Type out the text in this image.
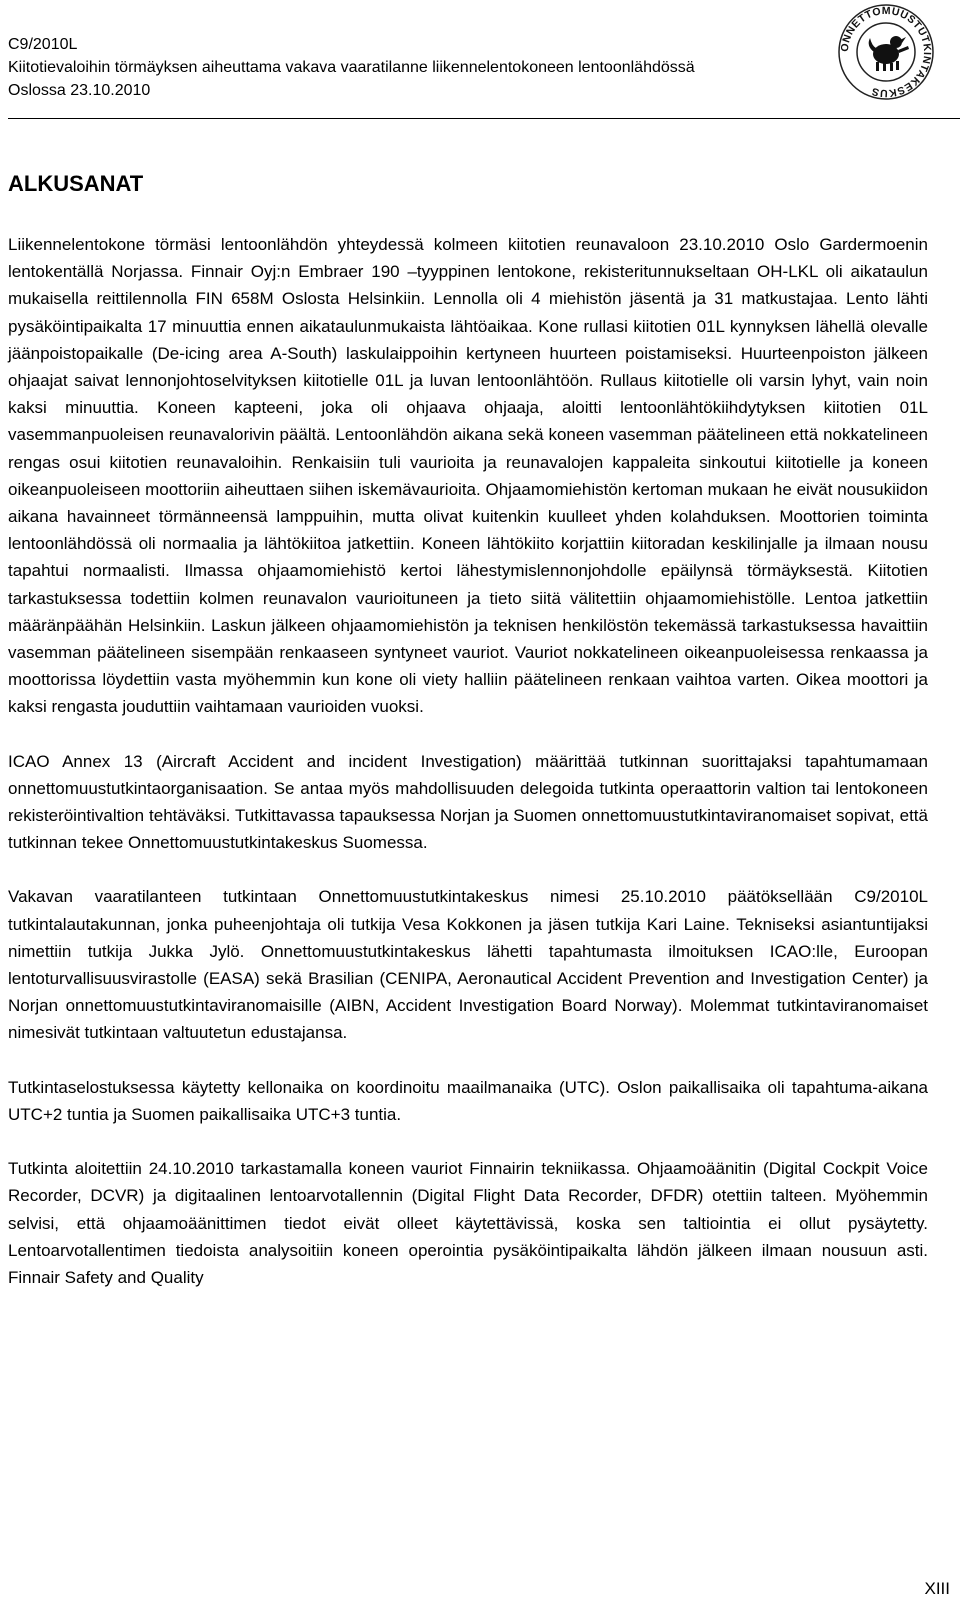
C9/2010L
Kiitotievaloihin törmäyksen aiheuttama vakava vaaratilanne liikennelentokoneen lentoonlähdössä
Oslossa 23.10.2010
ONNETTOMUUSTUTKINTAKESKUS
ALKUSANAT

Liikennelentokone törmäsi lentoonlähdön yhteydessä kolmeen kiitotien reunavaloon 23.10.2010 Oslo Gardermoenin lentokentällä Norjassa. Finnair Oyj:n Embraer 190 –tyyppinen lentokone, rekisteritunnukseltaan OH-LKL oli aikataulun mukaisella reittilennolla FIN 658M Oslosta Helsinkiin. Lennolla oli 4 miehistön jäsentä ja 31 matkustajaa. Lento lähti pysäköintipaikalta 17 minuuttia ennen aikataulunmukaista lähtöaikaa. Kone rullasi kiitotien 01L kynnyksen lähellä olevalle jäänpoistopaikalle (De-icing area A-South) laskulaippoihin kertyneen huurteen poistamiseksi. Huurteenpoiston jälkeen ohjaajat saivat lennonjohtoselvityksen kiitotielle 01L ja luvan lentoonlähtöön. Rullaus kiitotielle oli varsin lyhyt, vain noin kaksi minuuttia. Koneen kapteeni, joka oli ohjaava ohjaaja, aloitti lentoonlähtökiihdytyksen kiitotien 01L vasemmanpuoleisen reunavalorivin päältä. Lentoonlähdön aikana sekä koneen vasemman päätelineen että nokkatelineen rengas osui kiitotien reunavaloihin. Renkaisiin tuli vaurioita ja reunavalojen kappaleita sinkoutui kiitotielle ja koneen oikeanpuoleiseen moottoriin aiheuttaen siihen iskemävaurioita. Ohjaamomiehistön kertoman mukaan he eivät nousukiidon aikana havainneet törmänneensä lamppuihin, mutta olivat kuitenkin kuulleet yhden kolahduksen. Moottorien toiminta lentoonlähdössä oli normaalia ja lähtökiitoa jatkettiin. Koneen lähtökiito korjattiin kiitoradan keskilinjalle ja ilmaan nousu tapahtui normaalisti. Ilmassa ohjaamomiehistö kertoi lähestymislennonjohdolle epäilynsä törmäyksestä. Kiitotien tarkastuksessa todettiin kolmen reunavalon vaurioituneen ja tieto siitä välitettiin ohjaamomiehistölle. Lentoa jatkettiin määränpäähän Helsinkiin. Laskun jälkeen ohjaamomiehistön ja teknisen henkilöstön tekemässä tarkastuksessa havaittiin vasemman päätelineen sisempään renkaaseen syntyneet vauriot. Vauriot nokkatelineen oikeanpuoleisessa renkaassa ja moottorissa löydettiin vasta myöhemmin kun kone oli viety halliin päätelineen renkaan vaihtoa varten. Oikea moottori ja kaksi rengasta jouduttiin vaihtamaan vaurioiden vuoksi.

ICAO Annex 13 (Aircraft Accident and incident Investigation) määrittää tutkinnan suorittajaksi tapahtumamaan onnettomuustutkintaorganisaation. Se antaa myös mahdollisuuden delegoida tutkinta operaattorin valtion tai lentokoneen rekisteröintivaltion tehtäväksi. Tutkittavassa tapauksessa Norjan ja Suomen onnettomuustutkintaviranomaiset sopivat, että tutkinnan tekee Onnettomuustutkintakeskus Suomessa.

Vakavan vaaratilanteen tutkintaan Onnettomuustutkintakeskus nimesi 25.10.2010 päätöksellään C9/2010L tutkintalautakunnan, jonka puheenjohtaja oli tutkija Vesa Kokkonen ja jäsen tutkija Kari Laine. Tekniseksi asiantuntijaksi nimettiin tutkija Jukka Jylö. Onnettomuustutkintakeskus lähetti tapahtumasta ilmoituksen ICAO:lle, Euroopan lentoturvallisuusvirastolle (EASA) sekä Brasilian (CENIPA, Aeronautical Accident Prevention and Investigation Center) ja Norjan onnettomuustutkintaviranomaisille (AIBN, Accident Investigation Board Norway). Molemmat tutkintaviranomaiset nimesivät tutkintaan valtuutetun edustajansa.

Tutkintaselostuksessa käytetty kellonaika on koordinoitu maailmanaika (UTC). Oslon paikallisaika oli tapahtuma-aikana UTC+2 tuntia ja Suomen paikallisaika UTC+3 tuntia.

Tutkinta aloitettiin 24.10.2010 tarkastamalla koneen vauriot Finnairin tekniikassa. Ohjaamoäänitin (Digital Cockpit Voice Recorder, DCVR) ja digitaalinen lentoarvotallennin (Digital Flight Data Recorder, DFDR) otettiin talteen. Myöhemmin selvisi, että ohjaamoäänittimen tiedot eivät olleet käytettävissä, koska sen taltiointia ei ollut pysäytetty. Lentoarvotallentimen tiedoista analysoitiin koneen operointia pysäköintipaikalta lähdön jälkeen ilmaan nousuun asti. Finnair Safety and Quality

XIII
